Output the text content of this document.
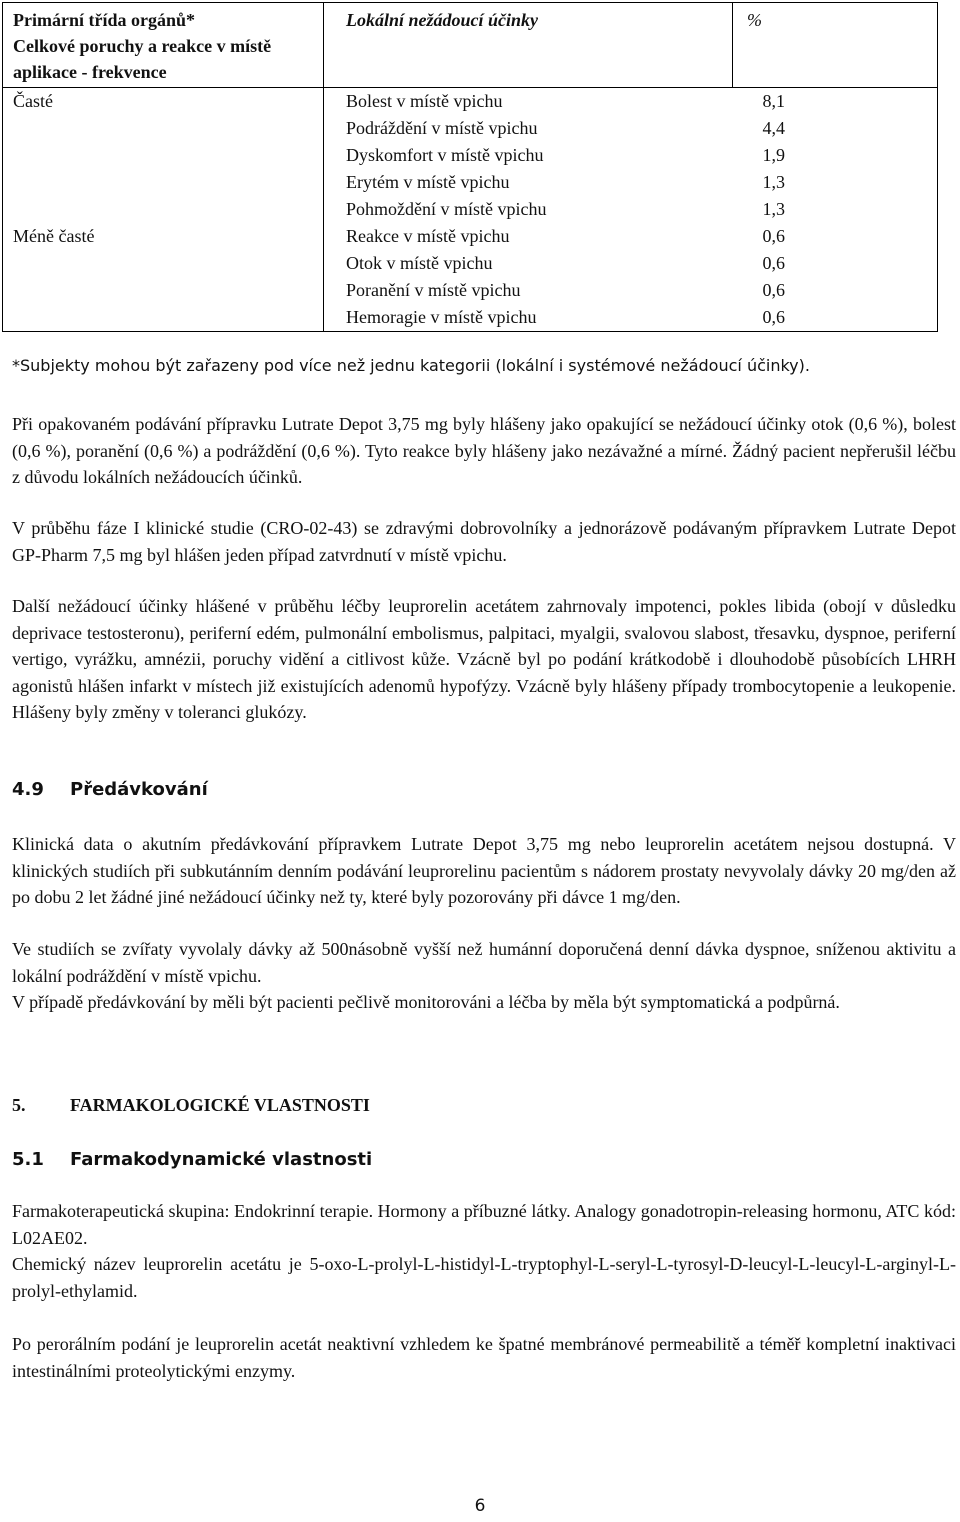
Primární třída orgánů*
Celkové poruchy a reakce v místě aplikace - frekvence	Lokální nežádoucí účinky	%
Časté	Bolest v místě vpichu	8,1
	Podráždění v místě vpichu	4,4
	Dyskomfort v místě vpichu	1,9
	Erytém v místě vpichu	1,3
	Pohmoždění v místě vpichu	1,3
Méně časté	Reakce v místě vpichu	0,6
	Otok v místě vpichu	0,6
	Poranění v místě vpichu	0,6
	Hemoragie v místě vpichu	0,6

*Subjekty mohou být zařazeny pod více než jednu kategorii (lokální i systémové nežádoucí účinky).

Při opakovaném podávání přípravku Lutrate Depot 3,75 mg byly hlášeny jako opakující se nežádoucí účinky otok (0,6 %), bolest (0,6 %), poranění (0,6 %) a podráždění (0,6 %). Tyto reakce byly hlášeny jako nezávažné a mírné. Žádný pacient nepřerušil léčbu z důvodu lokálních nežádoucích účinků.

V průběhu fáze I klinické studie (CRO-02-43) se zdravými dobrovolníky a jednorázově podávaným přípravkem Lutrate Depot GP-Pharm 7,5 mg byl hlášen jeden případ zatvrdnutí v místě vpichu.

Další nežádoucí účinky hlášené v průběhu léčby leuprorelin acetátem zahrnovaly impotenci, pokles libida (obojí v důsledku deprivace testosteronu), periferní edém, pulmonální embolismus, palpitaci, myalgii, svalovou slabost, třesavku, dyspnoe, periferní vertigo, vyrážku, amnézii, poruchy vidění a citlivost kůže. Vzácně byl po podání krátkodobě i dlouhodobě působících LHRH agonistů hlášen infarkt v místech již existujících adenomů hypofýzy. Vzácně byly hlášeny případy trombocytopenie a leukopenie. Hlášeny byly změny v toleranci glukózy.

4.9 Předávkování

Klinická data o akutním předávkování přípravkem Lutrate Depot 3,75 mg nebo leuprorelin acetátem nejsou dostupná. V klinických studiích při subkutánním denním podávání leuprorelinu pacientům s nádorem prostaty nevyvolaly dávky 20 mg/den až po dobu 2 let žádné jiné nežádoucí účinky než ty, které byly pozorovány při dávce 1 mg/den.

Ve studiích se zvířaty vyvolaly dávky až 500násobně vyšší než humánní doporučená denní dávka dyspnoe, sníženou aktivitu a lokální podráždění v místě vpichu.

V případě předávkování by měli být pacienti pečlivě monitorováni a léčba by měla být symptomatická a podpůrná.

5. FARMAKOLOGICKÉ VLASTNOSTI
5.1 Farmakodynamické vlastnosti

Farmakoterapeutická skupina: Endokrinní terapie. Hormony a příbuzné látky. Analogy gonadotropin-releasing hormonu, ATC kód: L02AE02.

Chemický název leuprorelin acetátu je 5-oxo-L-prolyl-L-histidyl-L-tryptophyl-L-seryl-L-tyrosyl-D-leucyl-L-leucyl-L-arginyl-L-prolyl-ethylamid.

Po perorálním podání je leuprorelin acetát neaktivní vzhledem ke špatné membránové permeabilitě a téměř kompletní inaktivaci intestinálními proteolytickými enzymy.

6
